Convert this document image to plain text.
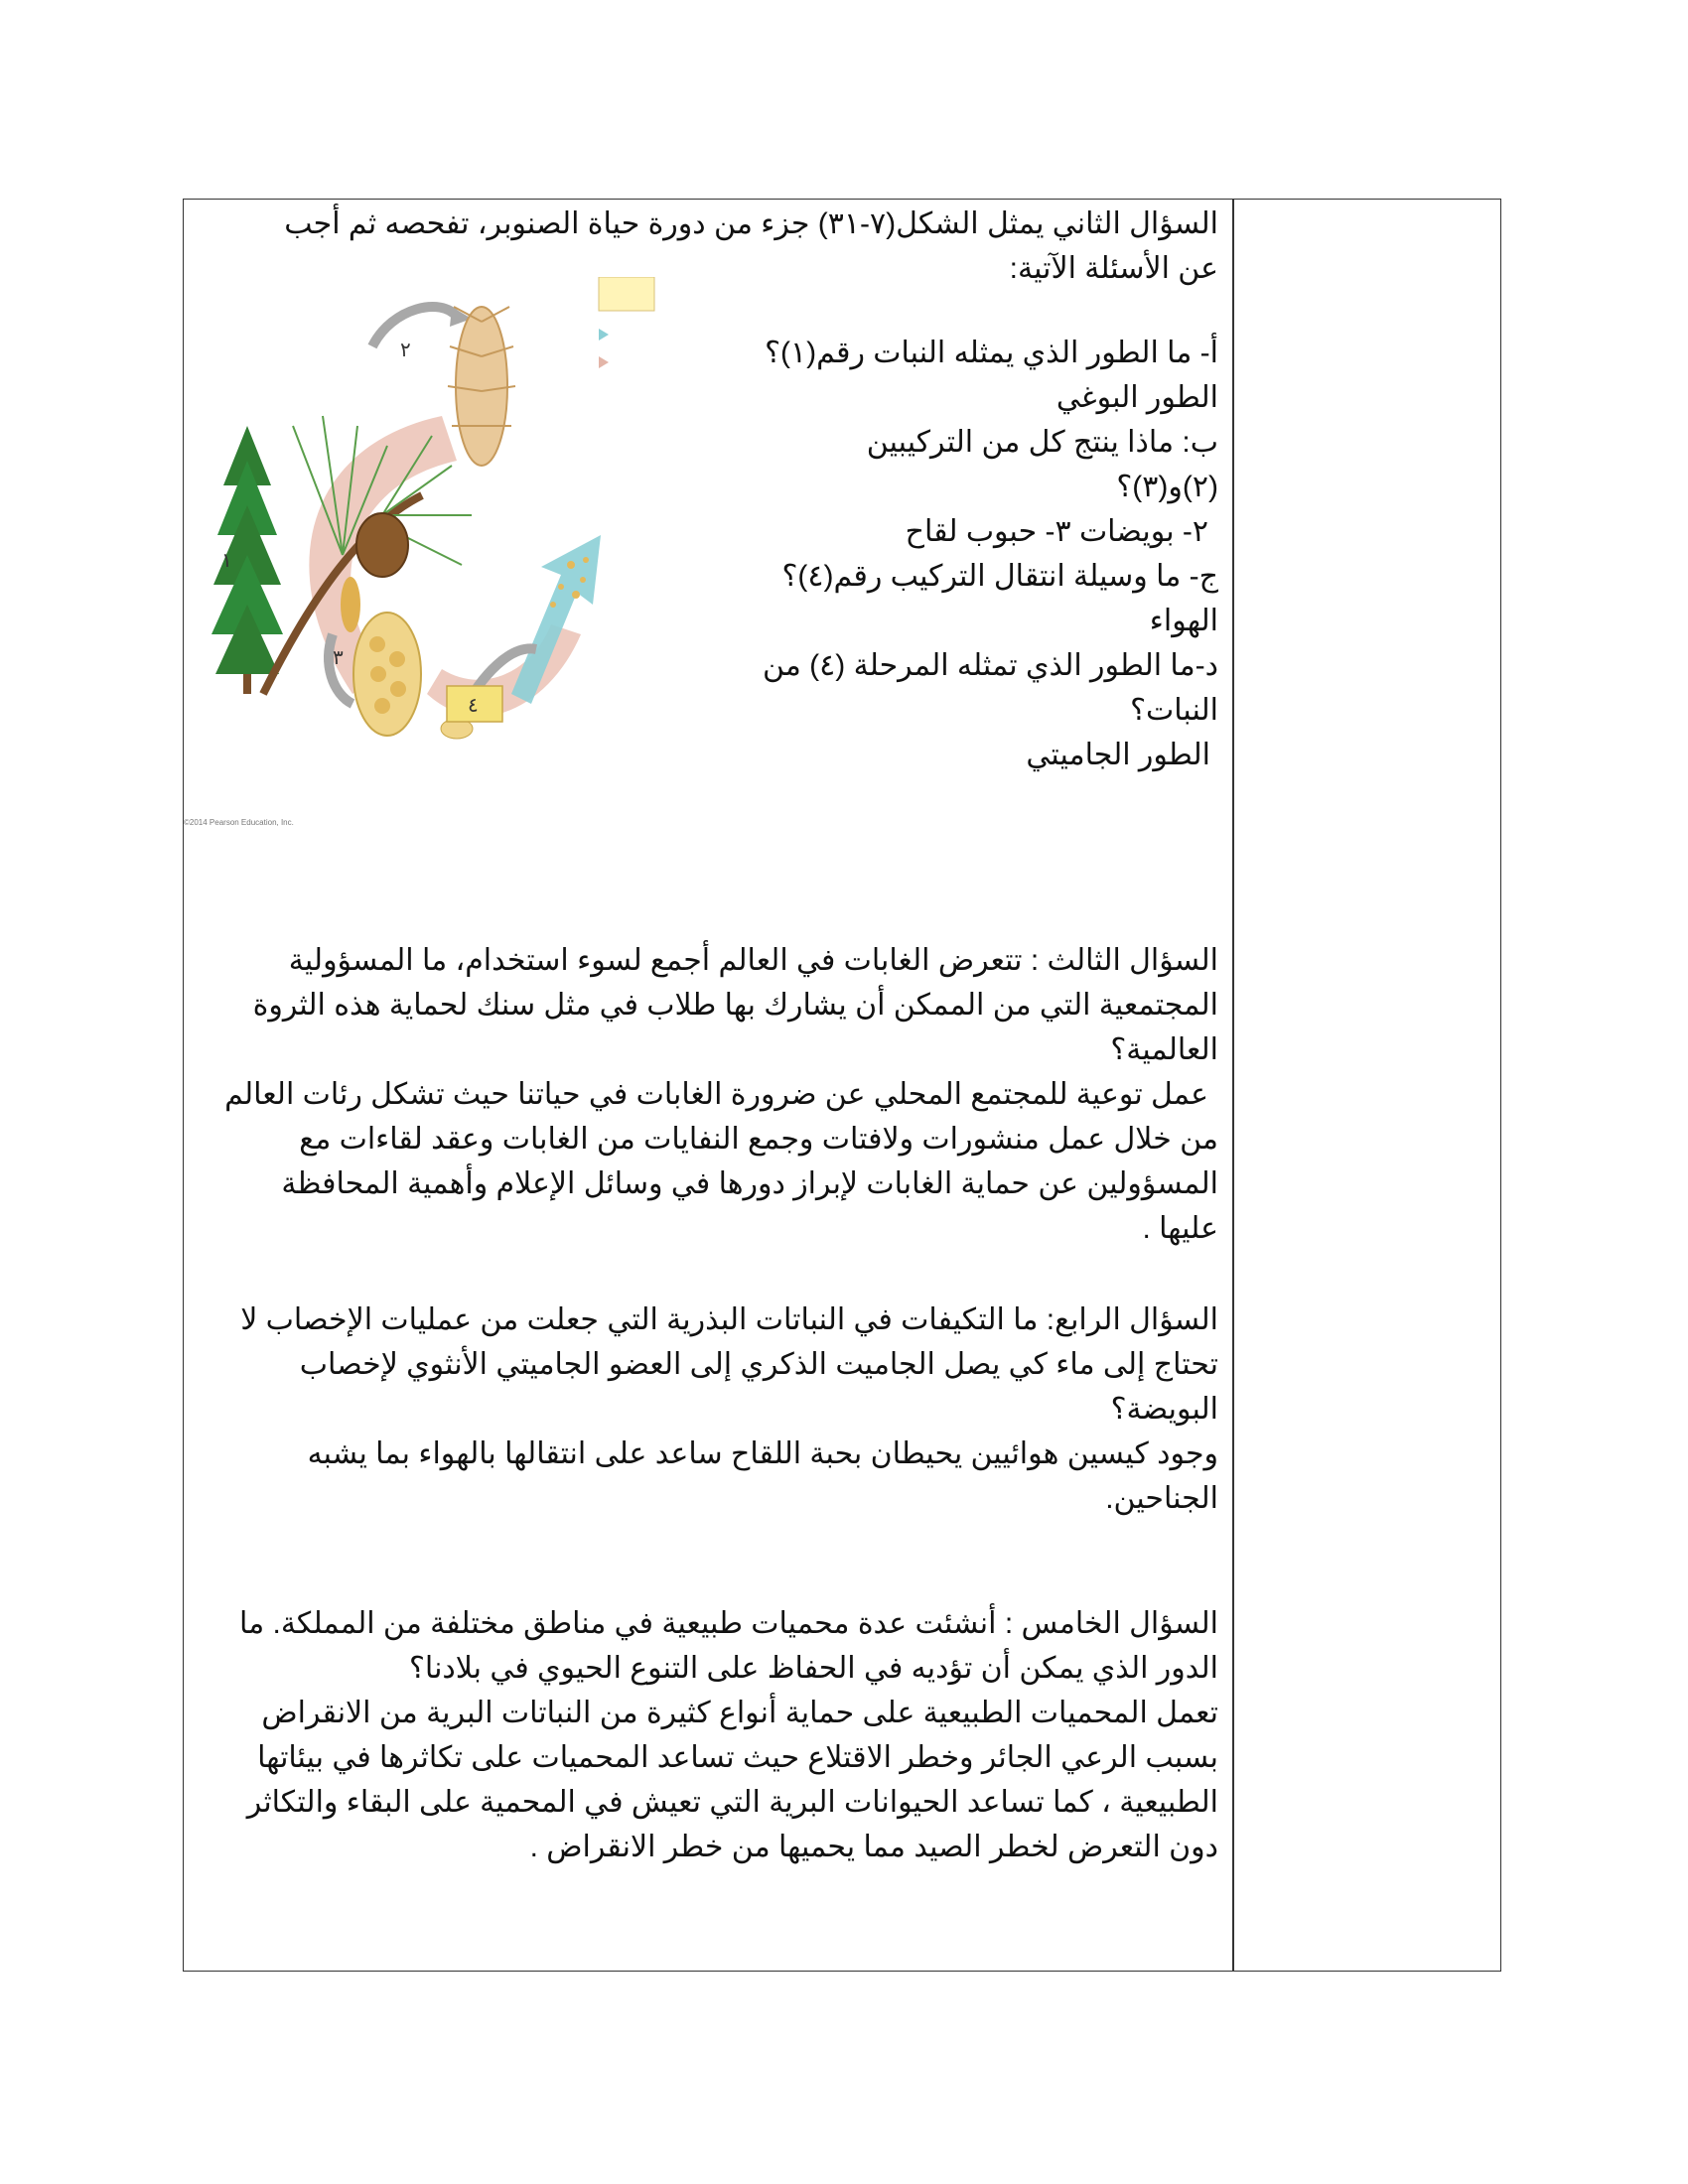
السؤال الثاني يمثل الشكل(٧-٣١) جزء من دورة حياة الصنوبر، تفحصه ثم أجب
عن الأسئلة الآتية:
أ- ما الطور الذي يمثله النبات رقم(١)؟
الطور البوغي
ب: ماذا ينتج كل من التركيبين
(٢)و(٣)؟
٢- بويضات ٣- حبوب لقاح
ج- ما وسيلة انتقال التركيب رقم(٤)؟
الهواء
د-ما الطور الذي تمثله المرحلة (٤) من
النبات؟
الطور الجاميتي
١
٢
٣
٤
©2014 Pearson Education, Inc.
السؤال الثالث : تتعرض الغابات في العالم أجمع لسوء استخدام، ما المسؤولية
المجتمعية التي من الممكن أن يشارك بها طلاب في مثل سنك لحماية هذه الثروة
العالمية؟
عمل توعية للمجتمع المحلي عن ضرورة الغابات في حياتنا حيث تشكل رئات العالم
من خلال عمل منشورات ولافتات وجمع النفايات من الغابات وعقد لقاءات مع
المسؤولين عن حماية الغابات لإبراز دورها في وسائل الإعلام وأهمية المحافظة
عليها .
السؤال الرابع: ما التكيفات في النباتات البذرية التي جعلت من عمليات الإخصاب لا
تحتاج إلى ماء كي يصل الجاميت الذكري إلى العضو الجاميتي الأنثوي لإخصاب
البويضة؟
وجود كيسين هوائيين يحيطان بحبة اللقاح ساعد على انتقالها بالهواء بما يشبه
الجناحين.
السؤال الخامس : أنشئت عدة محميات طبيعية في مناطق مختلفة من المملكة. ما
الدور الذي يمكن أن تؤديه في الحفاظ على التنوع الحيوي في بلادنا؟
تعمل المحميات الطبيعية على حماية أنواع كثيرة من النباتات البرية من الانقراض
بسبب الرعي الجائر وخطر الاقتلاع حيث تساعد المحميات على تكاثرها في بيئاتها
الطبيعية ، كما تساعد الحيوانات البرية التي تعيش في المحمية على البقاء والتكاثر
دون التعرض لخطر الصيد مما يحميها من خطر الانقراض .
